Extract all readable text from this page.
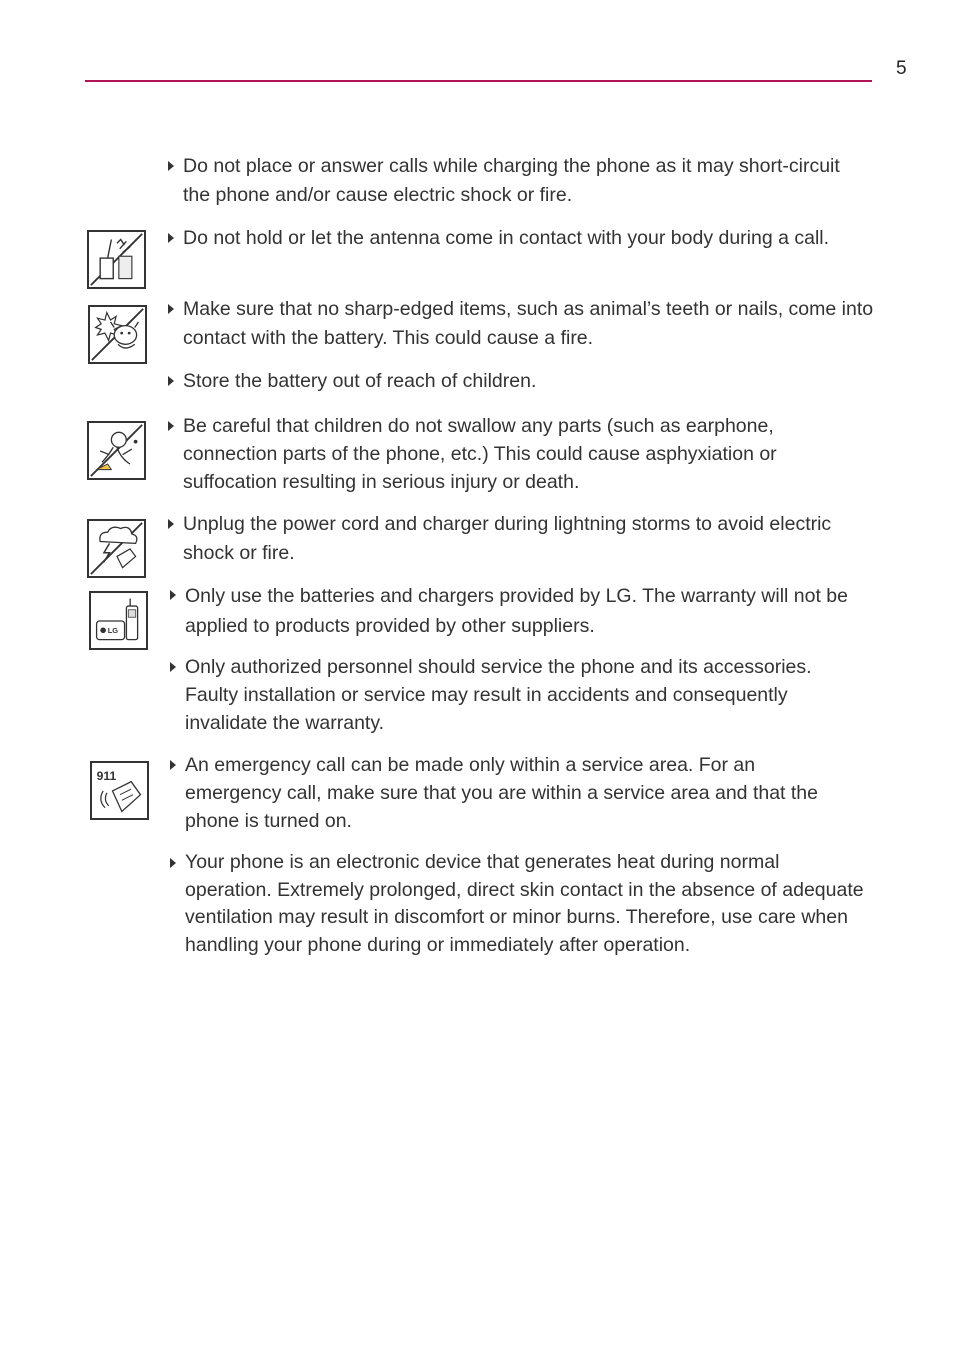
5
LG
911
Do not place or answer calls while charging the phone as it may short-circuit the phone and/or cause electric shock or fire.
Do not hold or let the antenna come in contact with your body during a call.
Make sure that no sharp-edged items, such as animal’s teeth or nails, come into contact with the battery. This could cause a fire.
Store the battery out of reach of children.
Be careful that children do not swallow any parts (such as earphone, connection parts of the phone, etc.) This could cause asphyxiation or suffocation resulting in serious injury or death.
Unplug the power cord and charger during lightning storms to avoid electric shock or fire.
Only use the batteries and chargers provided by LG. The warranty will not be applied to products provided by other suppliers.
Only authorized personnel should service the phone and its accessories. Faulty installation or service may result in accidents and consequently invalidate the warranty.
An emergency call can be made only within a service area. For an emergency call, make sure that you are within a service area and that the phone is turned on.
Your phone is an electronic device that generates heat during normal operation. Extremely prolonged, direct skin contact in the absence of adequate ventilation may result in discomfort or minor burns. Therefore, use care when handling your phone during or immediately after operation.
